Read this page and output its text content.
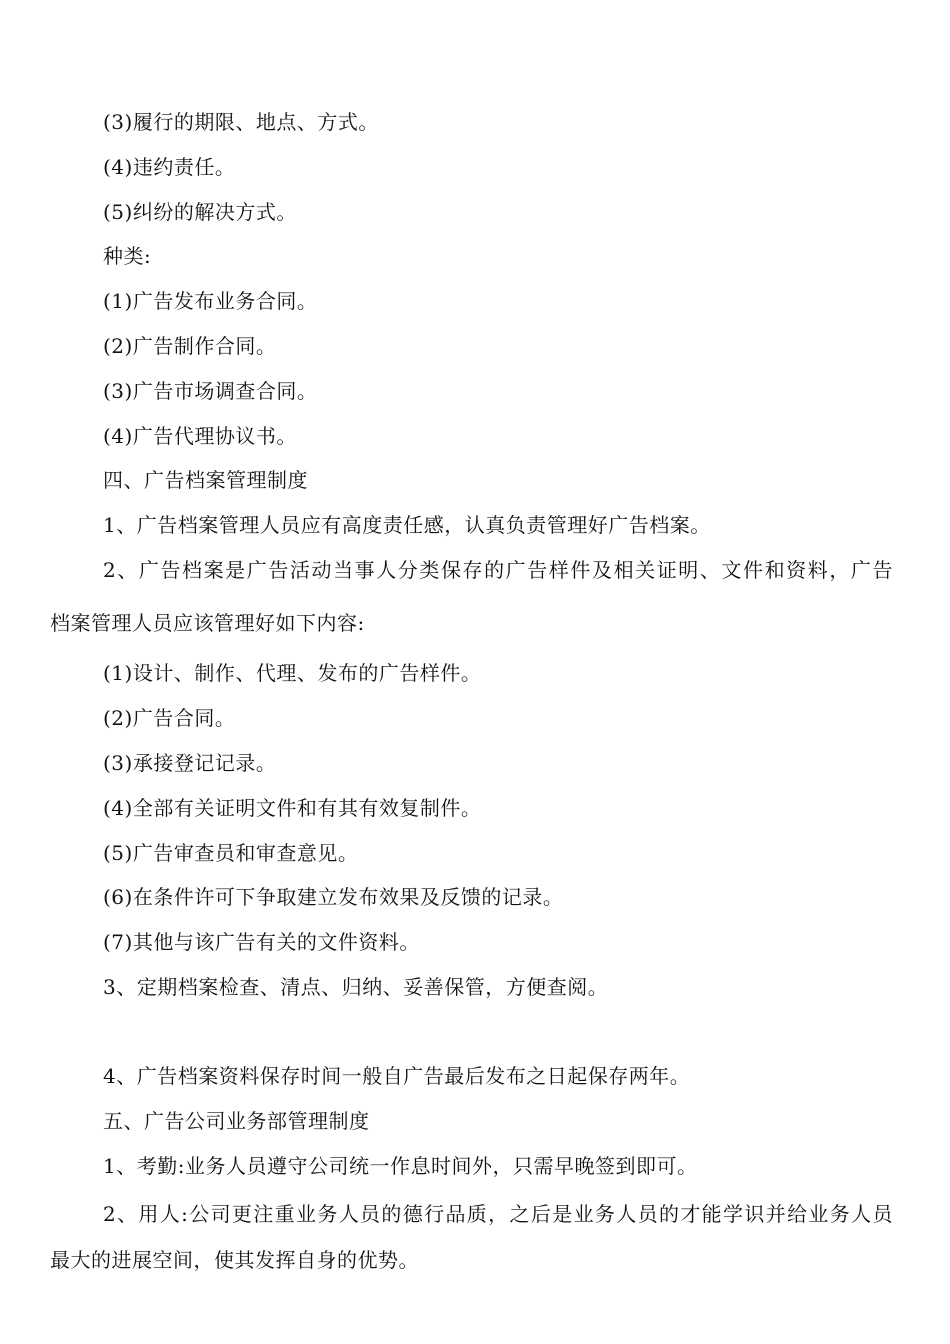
(3)履行的期限、地点、方式。
(4)违约责任。
(5)纠纷的解决方式。
种类:
(1)广告发布业务合同。
(2)广告制作合同。
(3)广告市场调查合同。
(4)广告代理协议书。
四、广告档案管理制度
1、广告档案管理人员应有高度责任感，认真负责管理好广告档案。
2、广告档案是广告活动当事人分类保存的广告样件及相关证明、文件和资料，广告
档案管理人员应该管理好如下内容:
(1)设计、制作、代理、发布的广告样件。
(2)广告合同。
(3)承接登记记录。
(4)全部有关证明文件和有其有效复制件。
(5)广告审查员和审查意见。
(6)在条件许可下争取建立发布效果及反馈的记录。
(7)其他与该广告有关的文件资料。
3、定期档案检查、清点、归纳、妥善保管，方便查阅。
4、广告档案资料保存时间一般自广告最后发布之日起保存两年。
五、广告公司业务部管理制度
1、考勤:业务人员遵守公司统一作息时间外，只需早晚签到即可。
2、用人:公司更注重业务人员的德行品质，之后是业务人员的才能学识并给业务人员
最大的进展空间，使其发挥自身的优势。
